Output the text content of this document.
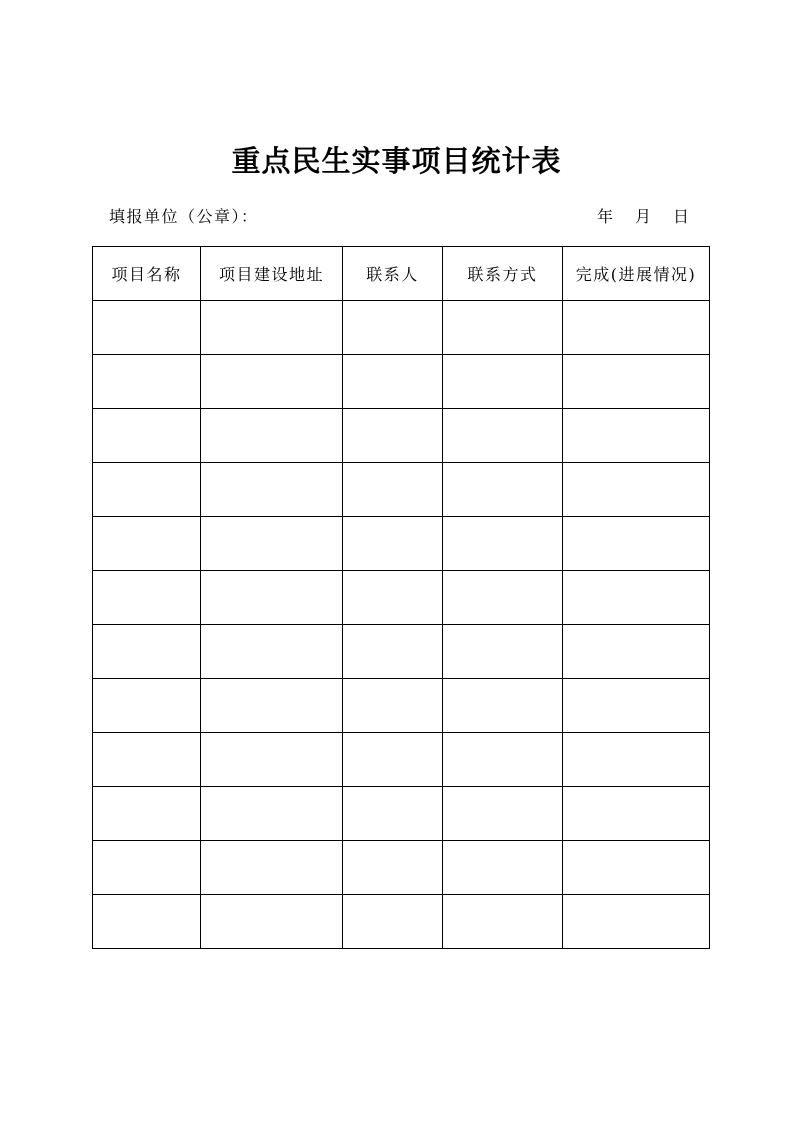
重点民生实事项目统计表
填报单位（公章）：	年 月 日
项目名称	项目建设地址	联系人	联系方式	完成(进展情况)
